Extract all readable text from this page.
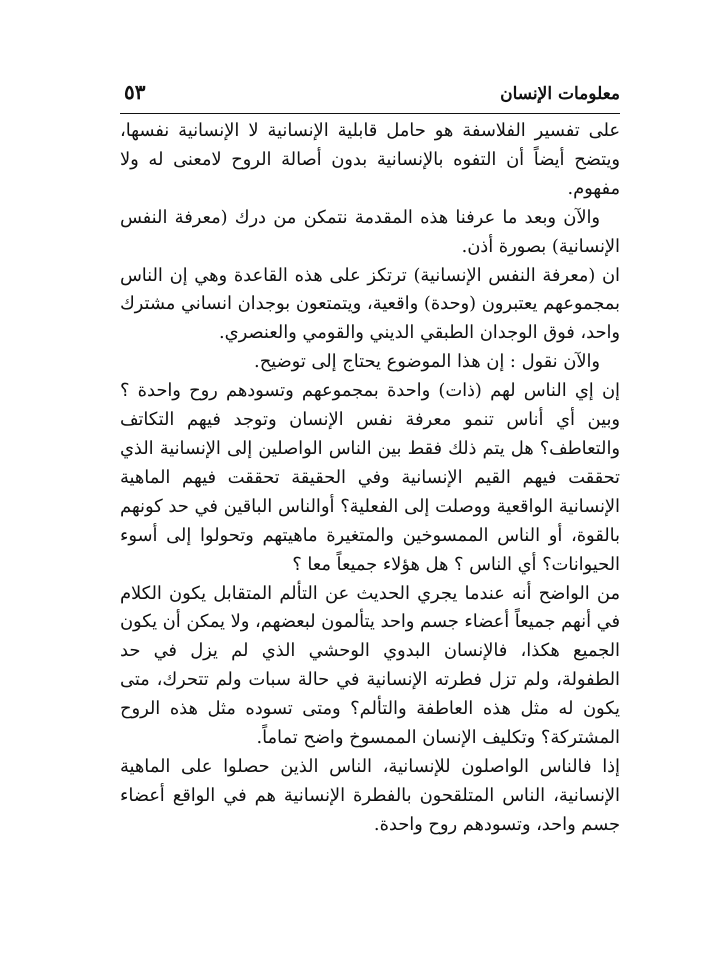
معلومات الإنسان
٥٣

على تفسير الفلاسفة هو حامل قابلية الإنسانية لا الإنسانية نفسها، ويتضح أيضاً أن التفوه بالإنسانية بدون أصالة الروح لامعنى له ولا مفهوم.

والآن وبعد ما عرفنا هذه المقدمة نتمكن من درك (معرفة النفس الإنسانية) بصورة أذن.

ان (معرفة النفس الإنسانية) ترتكز على هذه القاعدة وهي إن الناس بمجموعهم يعتبرون (وحدة) واقعية، ويتمتعون بوجدان انساني مشترك واحد، فوق الوجدان الطبقي الديني والقومي والعنصري.

والآن نقول : إن هذا الموضوع يحتاج إلى توضيح.

إن إي الناس لهم (ذات) واحدة بمجموعهم وتسودهم روح واحدة ؟ وبين أي أناس تنمو معرفة نفس الإنسان وتوجد فيهم التكاتف والتعاطف؟ هل يتم ذلك فقط بين الناس الواصلين إلى الإنسانية الذي تحققت فيهم القيم الإنسانية وفي الحقيقة تحققت فيهم الماهية الإنسانية الواقعية ووصلت إلى الفعلية؟ أوالناس الباقين في حد كونهم بالقوة، أو الناس الممسوخين والمتغيرة ماهيتهم وتحولوا إلى أسوء الحيوانات؟ أي الناس ؟ هل هؤلاء جميعاً معا ؟

من الواضح أنه عندما يجري الحديث عن التألم المتقابل يكون الكلام في أنهم جميعاً أعضاء جسم واحد يتألمون لبعضهم، ولا يمكن أن يكون الجميع هكذا، فالإنسان البدوي الوحشي الذي لم يزل في حد الطفولة، ولم تزل فطرته الإنسانية في حالة سبات ولم تتحرك، متى يكون له مثل هذه العاطفة والتألم؟ ومتى تسوده مثل هذه الروح المشتركة؟ وتكليف الإنسان الممسوخ واضح تماماً.

إذا فالناس الواصلون للإنسانية، الناس الذين حصلوا على الماهية الإنسانية، الناس المتلقحون بالفطرة الإنسانية هم في الواقع أعضاء جسم واحد، وتسودهم روح واحدة.
